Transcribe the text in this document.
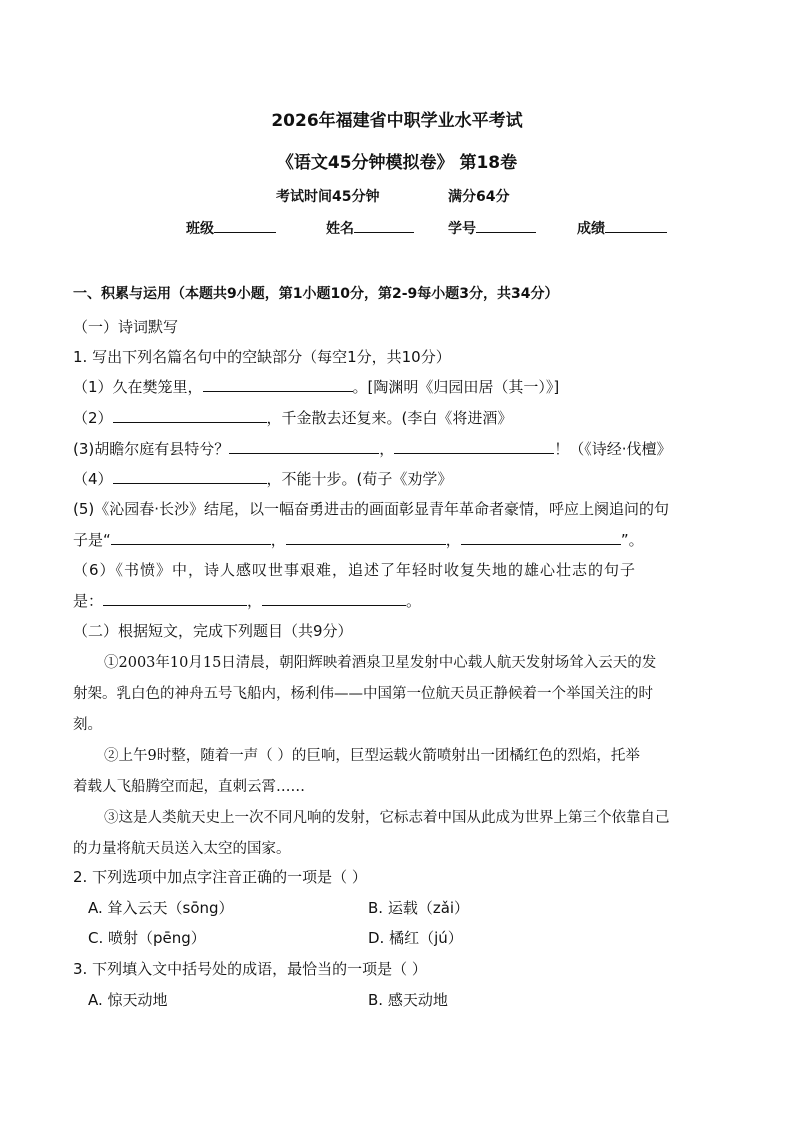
2026年福建省中职学业水平考试
《语文45分钟模拟卷》 第18卷
考试时间45分钟	满分64分
班级	姓名	学号	成绩
一、积累与运用（本题共9小题，第1小题10分，第2-9每小题3分，共34分）
（一）诗词默写
1. 写出下列名篇名句中的空缺部分（每空1分，共10分）
（1）久在樊笼里，	。[陶渊明《归园田居（其一）》]
（2）	，千金散去还复来。(李白《将进酒》
(3)胡瞻尔庭有县特兮？	，	！（《诗经·伐檀》
（4）	，不能十步。(荀子《劝学》
(5)《沁园春·长沙》结尾，以一幅奋勇进击的画面彰显青年革命者豪情，呼应上阕追问的句
子是“	，	，	”。
（6）《书愤》中，诗人感叹世事艰难，追述了年轻时收复失地的雄心壮志的句子
是：	，	。
（二）根据短文，完成下列题目（共9分）
①2003年10月15日清晨，朝阳辉映着酒泉卫星发射中心载人航天发射场耸入云天的发
射架。乳白色的神舟五号飞船内，杨利伟——中国第一位航天员正静候着一个举国关注的时
刻。
②上午9时整，随着一声（ ）的巨响，巨型运载火箭喷射出一团橘红色的烈焰，托举
着载人飞船腾空而起，直刺云霄……
③这是人类航天史上一次不同凡响的发射，它标志着中国从此成为世界上第三个依靠自己
的力量将航天员送入太空的国家。
2. 下列选项中加点字注音正确的一项是（ ）
A. 耸入云天（sōng）	B. 运载（zǎi）
C. 喷射（pēng）	D. 橘红（jú）
3. 下列填入文中括号处的成语，最恰当的一项是（ ）
A. 惊天动地	B. 感天动地
